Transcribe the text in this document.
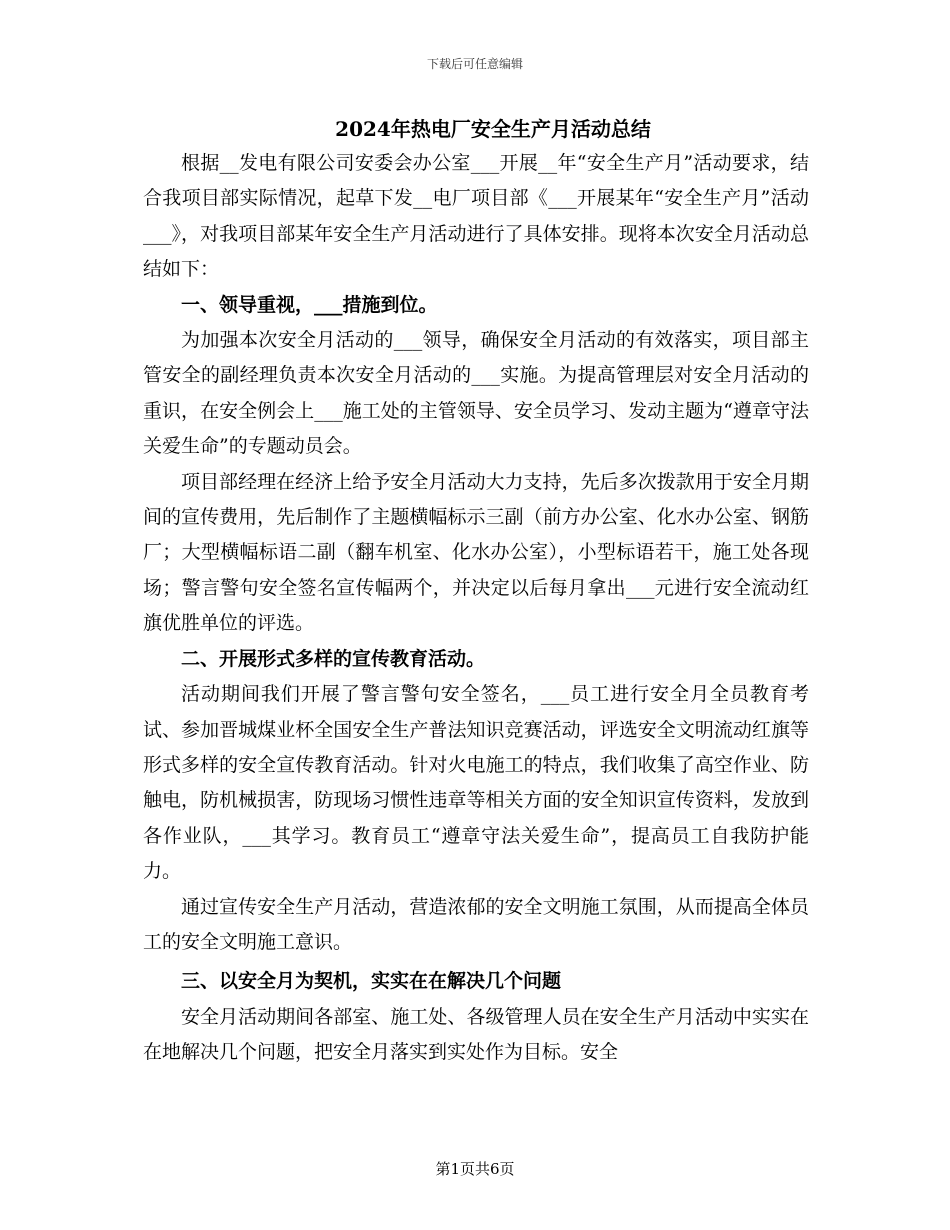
下载后可任意编辑
2024年热电厂安全生产月活动总结

根据__发电有限公司安委会办公室___开展__年“安全生产月”活动要求，结合我项目部实际情况，起草下发__电厂项目部《___开展某年“安全生产月”活动___》，对我项目部某年安全生产月活动进行了具体安排。现将本次安全月活动总结如下：

一、领导重视，___措施到位。

为加强本次安全月活动的___领导，确保安全月活动的有效落实，项目部主管安全的副经理负责本次安全月活动的___实施。为提高管理层对安全月活动的重识，在安全例会上___施工处的主管领导、安全员学习、发动主题为“遵章守法关爱生命”的专题动员会。

项目部经理在经济上给予安全月活动大力支持，先后多次拨款用于安全月期间的宣传费用，先后制作了主题横幅标示三副（前方办公室、化水办公室、钢筋厂；大型横幅标语二副（翻车机室、化水办公室），小型标语若干，施工处各现场；警言警句安全签名宣传幅两个，并决定以后每月拿出___元进行安全流动红旗优胜单位的评选。

二、开展形式多样的宣传教育活动。

活动期间我们开展了警言警句安全签名，___员工进行安全月全员教育考试、参加晋城煤业杯全国安全生产普法知识竞赛活动，评选安全文明流动红旗等形式多样的安全宣传教育活动。针对火电施工的特点，我们收集了高空作业、防触电，防机械损害，防现场习惯性违章等相关方面的安全知识宣传资料，发放到各作业队，___其学习。教育员工“遵章守法关爱生命”，提高员工自我防护能力。

通过宣传安全生产月活动，营造浓郁的安全文明施工氛围，从而提高全体员工的安全文明施工意识。

三、以安全月为契机，实实在在解决几个问题

安全月活动期间各部室、施工处、各级管理人员在安全生产月活动中实实在在地解决几个问题，把安全月落实到实处作为目标。安全

第1页共6页
